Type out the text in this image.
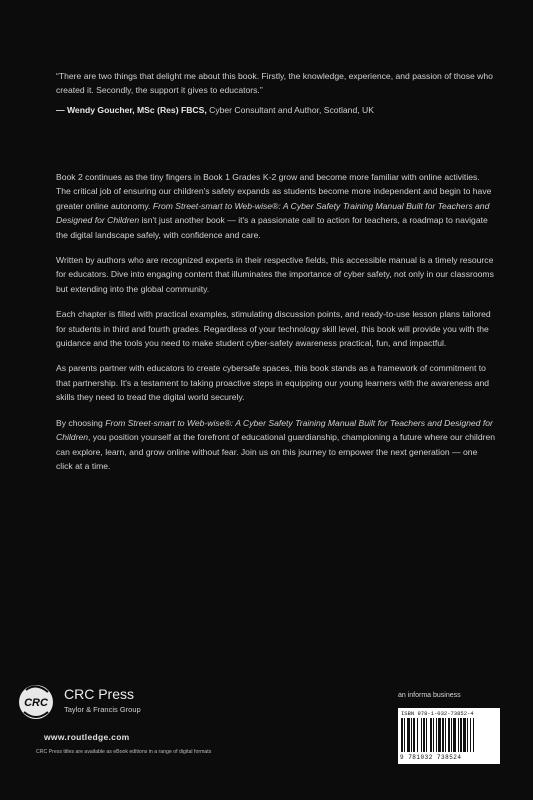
“There are two things that delight me about this book. Firstly, the knowledge, experience, and passion of those who created it. Secondly, the support it gives to educators.”

— Wendy Goucher, MSc (Res) FBCS, Cyber Consultant and Author, Scotland, UK

Book 2 continues as the tiny fingers in Book 1 Grades K-2 grow and become more familiar with online activities. The critical job of ensuring our children's safety expands as students become more independent and begin to have greater online autonomy. From Street-smart to Web-wise®: A Cyber Safety Training Manual Built for Teachers and Designed for Children isn't just another book — it's a passionate call to action for teachers, a roadmap to navigate the digital landscape safely, with confidence and care.

Written by authors who are recognized experts in their respective fields, this accessible manual is a timely resource for educators. Dive into engaging content that illuminates the importance of cyber safety, not only in our classrooms but extending into the global community.

Each chapter is filled with practical examples, stimulating discussion points, and ready-to-use lesson plans tailored for students in third and fourth grades. Regardless of your technology skill level, this book will provide you with the guidance and the tools you need to make student cyber-safety awareness practical, fun, and impactful.

As parents partner with educators to create cybersafe spaces, this book stands as a framework of commitment to that partnership. It's a testament to taking proactive steps in equipping our young learners with the awareness and skills they need to tread the digital world securely.

By choosing From Street-smart to Web-wise®: A Cyber Safety Training Manual Built for Teachers and Designed for Children, you position yourself at the forefront of educational guardianship, championing a future where our children can explore, learn, and grow online without fear. Join us on this journey to empower the next generation — one click at a time.

CRC
CRC Press
Taylor & Francis Group
www.routledge.com
CRC Press titles are available as eBook editions in a range of digital formats
an informa business
ISBN 978-1-032-73852-4
9 781032 738524
